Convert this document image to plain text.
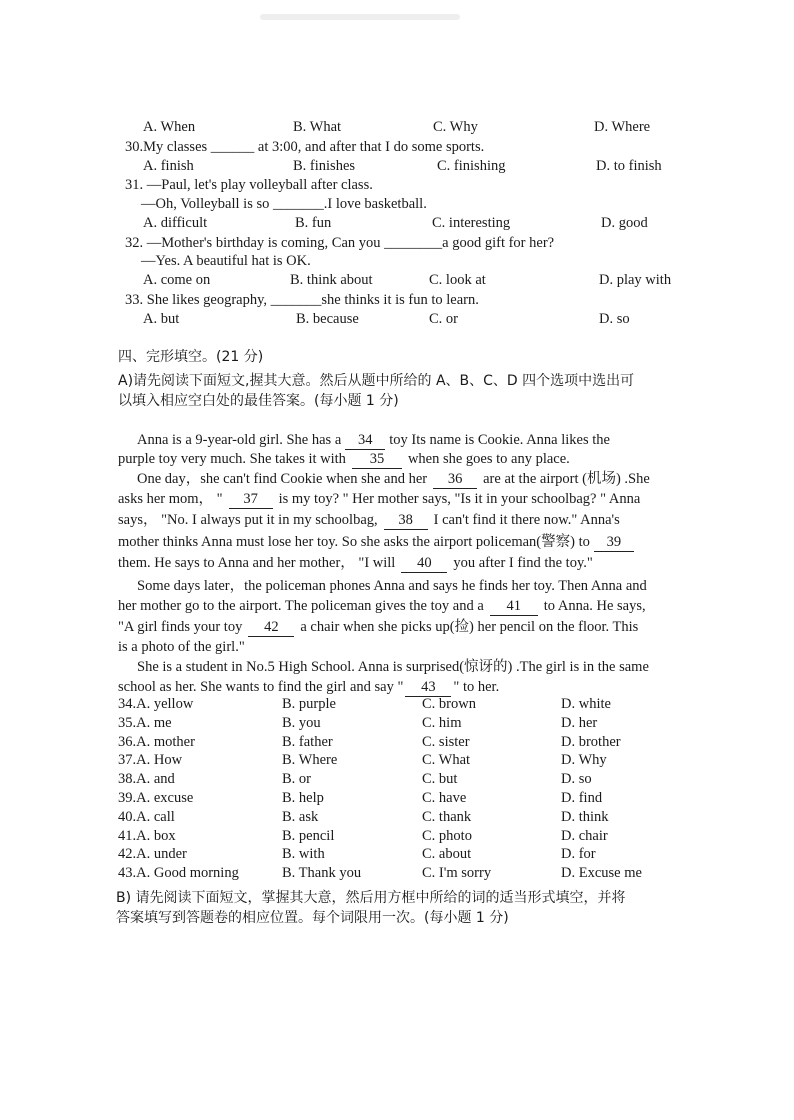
A. When	B. What	C. Why	D. Where
30.My classes ______ at 3:00, and after that I do some sports.
A. finish	B. finishes	C. finishing	D. to finish
31. —Paul, let's play volleyball after class.
—Oh, Volleyball is so _______.I love basketball.
A. difficult	B. fun	C. interesting	D. good
32. —Mother's birthday is coming, Can you ________a good gift for her?
—Yes. A beautiful hat is OK.
A. come on	B. think about	C. look at	D. play with
33. She likes geography, _______she thinks it is fun to learn.
A. but	B. because	C. or	D. so
四、完形填空。(21 分)
A)请先阅读下面短文,握其大意。然后从题中所给的 A、B、C、D 四个选项中选出可
以填入相应空白处的最佳答案。(每小题 1 分)
Anna is a 9-year-old girl. She has a 34 toy Its name is Cookie. Anna likes the
purple toy very much. She takes it with 35 when she goes to any place.
One day，she can't find Cookie when she and her 36 are at the airport (机场) .She
asks her mom， " 37 is my toy? " Her mother says, "Is it in your schoolbag? " Anna
says， "No. I always put it in my schoolbag, 38 I can't find it there now." Anna's
mother thinks Anna must lose her toy. So she asks the airport policeman(警察) to 39
them. He says to Anna and her mother， "I will 40 you after I find the toy."
Some days later，the policeman phones Anna and says he finds her toy. Then Anna and
her mother go to the airport. The policeman gives the toy and a 41 to Anna. He says,
"A girl finds your toy 42 a chair when she picks up(捡) her pencil on the floor. This
is a photo of the girl."
She is a student in No.5 High School. Anna is surprised(惊讶的) .The girl is in the same
school as her. She wants to find the girl and say " 43 " to her.
34.A. yellow	B. purple	C. brown	D. white
35.A. me	B. you	C. him	D. her
36.A. mother	B. father	C. sister	D. brother
37.A. How	B. Where	C. What	D. Why
38.A. and	B. or	C. but	D. so
39.A. excuse	B. help	C. have	D. find
40.A. call	B. ask	C. thank	D. think
41.A. box	B. pencil	C. photo	D. chair
42.A. under	B. with	C. about	D. for
43.A. Good morning	B. Thank you	C. I'm sorry	D. Excuse me
B) 请先阅读下面短文，掌握其大意，然后用方框中所给的词的适当形式填空，并将
答案填写到答题卷的相应位置。每个词限用一次。(每小题 1 分)
